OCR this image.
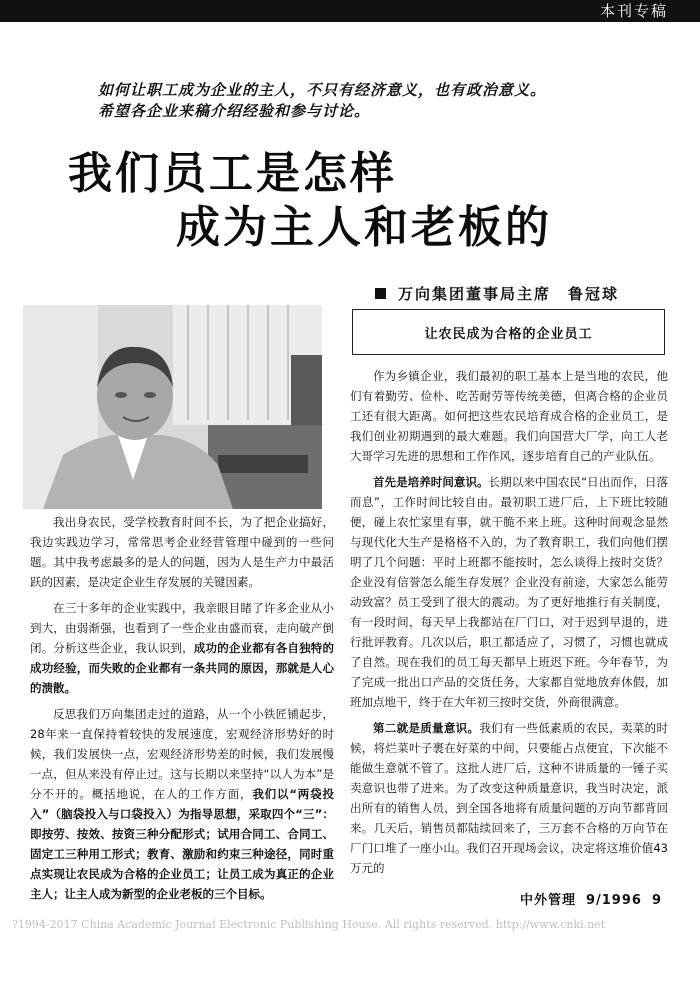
本刊专稿
如何让职工成为企业的主人，不只有经济意义，也有政治意义。
希望各企业来稿介绍经验和参与讨论。
我们员工是怎样
成为主人和老板的
万向集团董事局主席　鲁冠球
让农民成为合格的企业员工

我出身农民，受学校教育时间不长，为了把企业搞好，我边实践边学习，常常思考企业经营管理中碰到的一些问题。其中我考虑最多的是人的问题，因为人是生产力中最活跃的因素，是决定企业生存发展的关键因素。

在三十多年的企业实践中，我亲眼目睹了许多企业从小到大，由弱渐强，也看到了一些企业由盛而衰，走向破产倒闭。分析这些企业，我认识到，成功的企业都有各自独特的成功经验，而失败的企业都有一条共同的原因，那就是人心的溃散。

反思我们万向集团走过的道路，从一个小铁匠铺起步，28年来一直保持着较快的发展速度，宏观经济形势好的时候，我们发展快一点，宏观经济形势差的时候，我们发展慢一点，但从来没有停止过。这与长期以来坚持“以人为本”是分不开的。概括地说，在人的工作方面，我们以“两袋投入”（脑袋投入与口袋投入）为指导思想，采取四个“三”：即按劳、按效、按资三种分配形式；试用合同工、合同工、固定工三种用工形式；教育、激励和约束三种途径，同时重点实现让农民成为合格的企业员工；让员工成为真正的企业主人；让主人成为新型的企业老板的三个目标。

作为乡镇企业，我们最初的职工基本上是当地的农民，他们有着勤劳、俭朴、吃苦耐劳等传统美德，但离合格的企业员工还有很大距离。如何把这些农民培育成合格的企业员工，是我们创业初期遇到的最大难题。我们向国营大厂学，向工人老大哥学习先进的思想和工作作风，逐步培育自己的产业队伍。

首先是培养时间意识。长期以来中国农民“日出而作，日落而息”，工作时间比较自由。最初职工进厂后，上下班比较随便，碰上农忙家里有事，就干脆不来上班。这种时间观念显然与现代化大生产是格格不入的，为了教育职工，我们向他们摆明了几个问题：平时上班都不能按时，怎么谈得上按时交货？企业没有信誉怎么能生存发展？企业没有前途，大家怎么能劳动致富？员工受到了很大的震动。为了更好地推行有关制度，有一段时间，每天早上我都站在厂门口，对于迟到早退的，进行批评教育。几次以后，职工都适应了，习惯了，习惯也就成了自然。现在我们的员工每天都早上班迟下班。今年春节，为了完成一批出口产品的交货任务，大家都自觉地放弃休假，加班加点地干，终于在大年初三按时交货，外商很满意。

第二就是质量意识。我们有一些低素质的农民，卖菜的时候，将烂菜叶子裹在好菜的中间，只要能占点便宜，下次能不能做生意就不管了。这批人进厂后，这种不讲质量的一锤子买卖意识也带了进来。为了改变这种质量意识，我当时决定，派出所有的销售人员，到全国各地将有质量问题的万向节都背回来。几天后，销售员都陆续回来了，三万套不合格的万向节在厂门口堆了一座小山。我们召开现场会议，决定将这堆价值43万元的

中外管理 9/1996 9
?1994-2017 China Academic Journal Electronic Publishing House. All rights reserved. http://www.cnki.net
